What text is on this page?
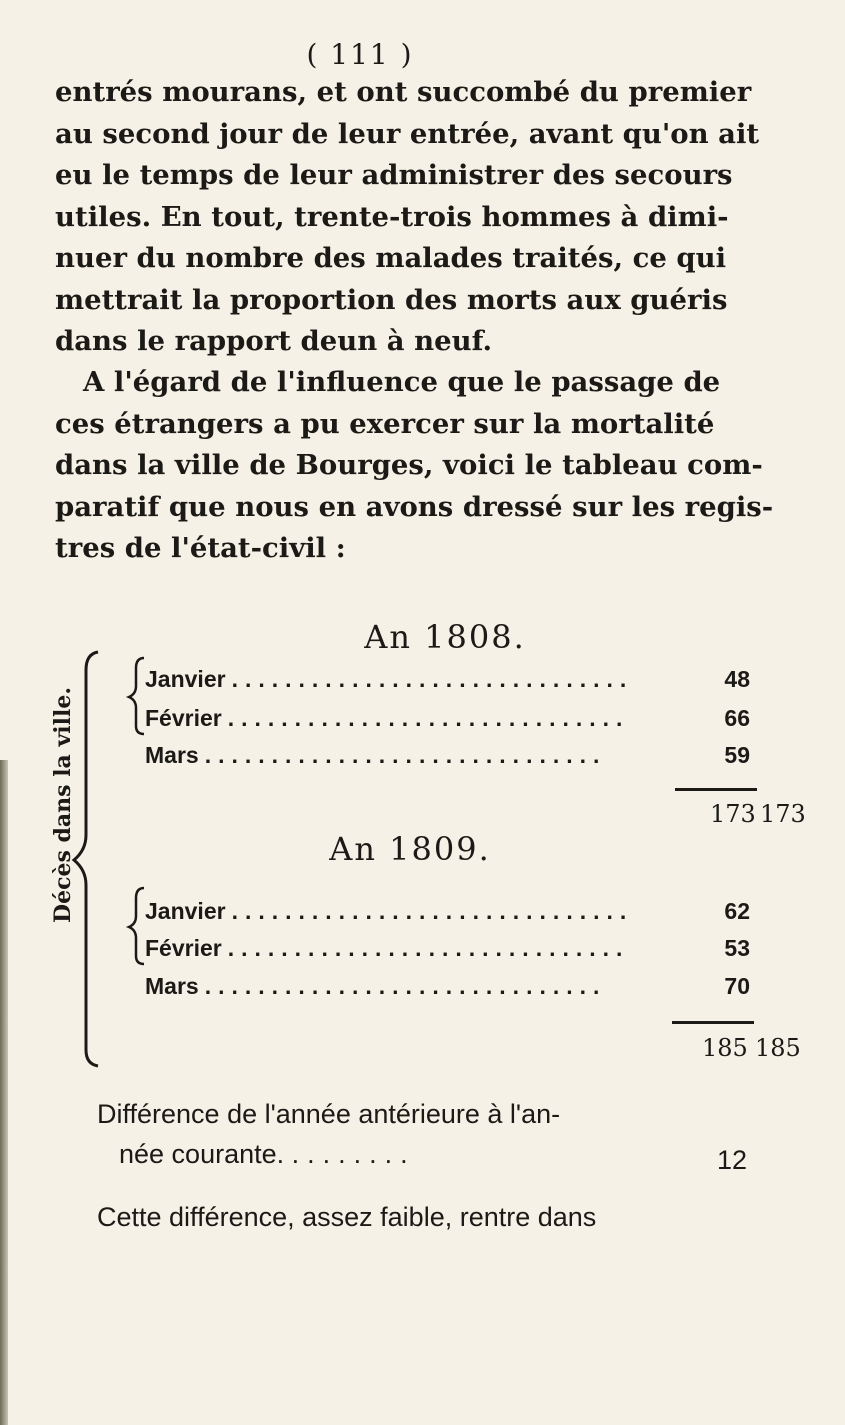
( 111 )
entrés mourans, et ont succombé du premier
au second jour de leur entrée, avant qu'on ait
eu le temps de leur administrer des secours
utiles. En tout, trente-trois hommes à dimi-
nuer du nombre des malades traités, ce qui
mettrait la proportion des morts aux guéris
dans le rapport deun à neuf.
A l'égard de l'influence que le passage de
ces étrangers a pu exercer sur la mortalité
dans la ville de Bourges, voici le tableau com-
paratif que nous en avons dressé sur les regis-
tres de l'état-civil :
Décès dans la ville.
An 1808.
Janvier ..............................	48
Février ..............................	66
Mars ..............................	59
173 173
An 1809.
Janvier ..............................	62
Février ..............................	53
Mars ..............................	70
185 185
Différence de l'année antérieure à l'an-
née courante. ........	12
Cette différence, assez faible, rentre dans
